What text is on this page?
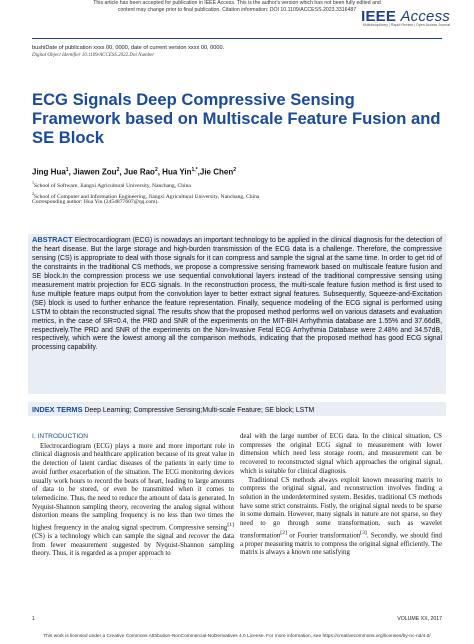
This article has been accepted for publication in IEEE Access. This is the author's version which has not been fully edited and
content may change prior to final publication. Citation information: DOI 10.1109/ACCESS.2023.3316487 IEEE Access
Multidisciplinary | Rapid Review | Open Access Journal
bushiDate of publication xxxx 00, 0000, date of current version xxxx 00, 0000.
Digital Object Identifier 10.1109/ACCESS.2022.Doi Number
ECG Signals Deep Compressive Sensing Framework based on Multiscale Feature Fusion and SE Block
Jing Hua$^1$, Jiawen Zou$^2$, Jue Rao$^2$, Hua Yin$^{1,*}$,Jie Chen$^2$
$^1$School of Software, Jiangxi Agricultural University, Nanchang, China
$^2$School of Computer and Information Engineering, Jiangxi Agricultural University, Nanchang, China
Corresponding author: Hua Yin (2454877607@qq.com).
ABSTRACT Electrocardiogram (ECG) is nowadays an important technology to be applied in the clinical diagnosis for the detection of the heart disease. But the large storage and high-burden transmission of the ECG data is a challenge. Therefore, the compressive sensing (CS) is appropriate to deal with those signals for it can compress and sample the signal at the same time. In order to get rid of the constraints in the traditional CS methods, we propose a compressive sensing framework based on multiscale feature fusion and SE block.In the compression process we use sequential convolutional layers instead of the traditional compressive sensing using measurement matrix projection for ECG signals. In the reconstruction process, the multi-scale feature fusion method is first used to fuse multiple feature maps output from the convolution layer to better extract signal features. Subsequently, Squeeze-and-Excitation (SE) block is used to further enhance the feature representation. Finally, sequence modeling of the ECG signal is performed using LSTM to obtain the reconstructed signal. The results show that the proposed method performs well on various datasets and evaluation metrics, in the case of SR=0.4, the PRD and SNR of the experiments on the MIT-BIH Arrhythmia database are 1.55% and 37.66dB, respectively.The PRD and SNR of the experiments on the Non-Invasive Fetal ECG Arrhythmia Database were 2.48% and 34.57dB, respectively, which were the lowest among all the comparison methods, indicating that the proposed method has good ECG signal processing capability.
INDEX TERMS Deep Learning; Compressive Sensing;Multi-scale Feature; SE block; LSTM
I. INTRODUCTION

Electrocardiogram (ECG) plays a more and more important role in clinical diagnosis and healthcare application because of its great value in the detection of latent cardiac diseases of the patients in early time to avoid further exacerbation of the situation. The ECG monitoring devices usually work hours to record the beats of heart, leading to large amounts of data to be stored, or even be transmitted when it comes to telemedicine. Thus, the need to reduce the amount of data is generated. In Nyquist-Shannon sampling theory, recovering the analog signal without distortion means the sampling frequency is no less than two times the highest frequency in the analog signal spectrum. Compressive sensing[1](CS) is a technology which can sample the signal and recover the data from fewer measurement suggested by Nyquist-Shannon sampling theory. Thus, it is regarded as a proper approach to

deal with the large number of ECG data. In the clinical situation, CS compresses the original ECG signal to measurement with lower dimension which need less storage room, and measurement can be recovered to reconstructed signal which approaches the original signal, which is suitable for clinical diagnosis.

Traditional CS methods always exploit known measuring matrix to compress the original signal, and reconstruction involves finding a solution in the underdetermined system. Besides, traditional CS methods have some strict constraints. Fistly, the original signal needs to be sparse in some domain. However, many signals in nature are not sparse, so they need to go through some transformation, such as wavelet transformation[2] or Fourier transformation[3]. Secondly, we should find a proper measuring matrix to compress the original signal efficiently. The matrix is always a known one satisfying

1	VOLUME XX, 2017
This work is licensed under a Creative Commons Attribution-NonCommercial-NoDerivatives 4.0 License. For more information, see https://creativecommons.org/licenses/by-nc-nd/4.0/
